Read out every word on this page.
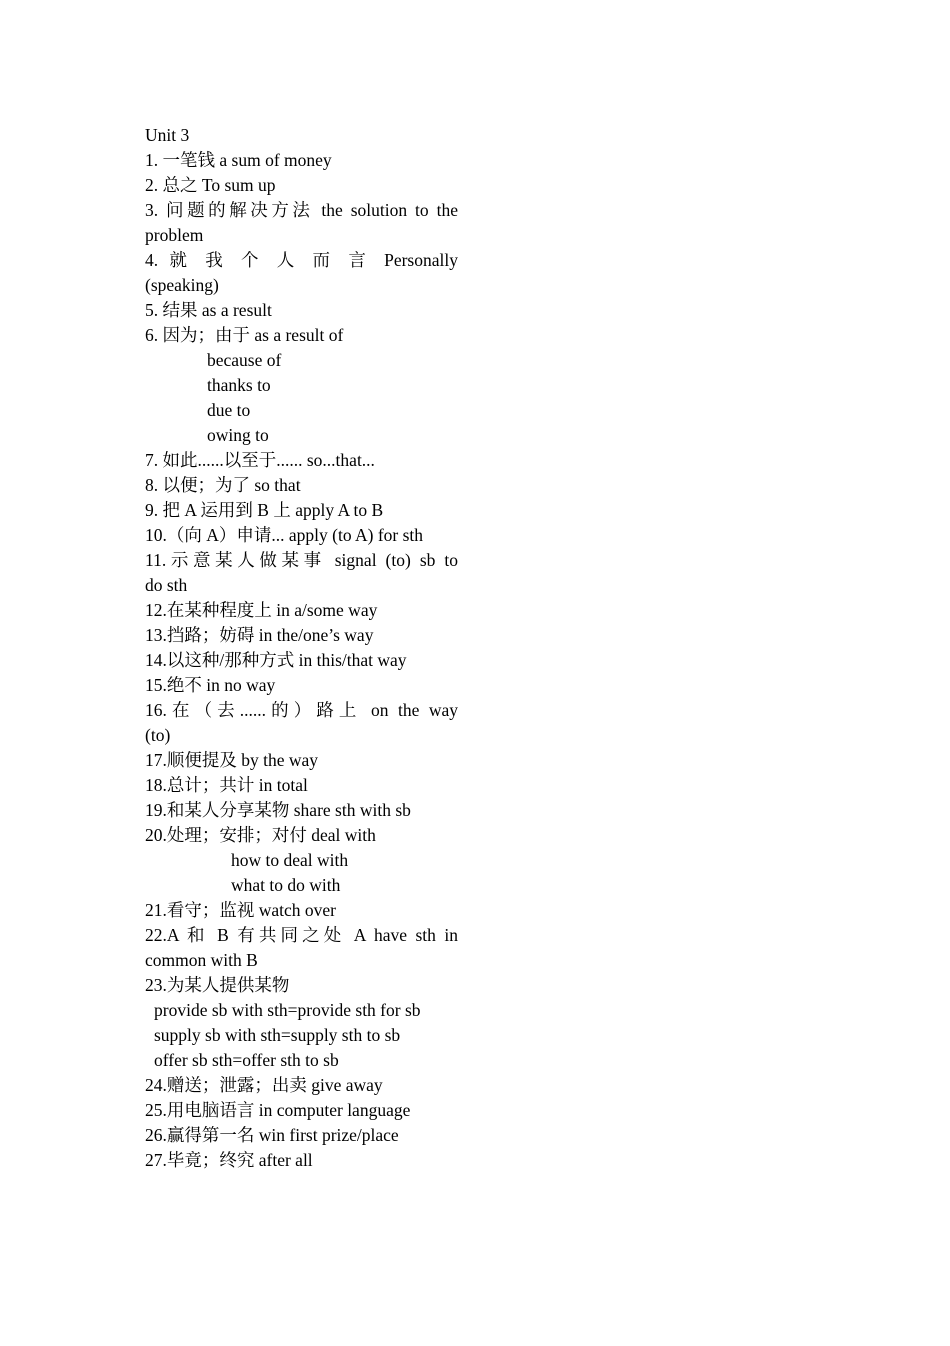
Unit 3
1. 一笔钱 a sum of money
2. 总之 To sum up
3. 问题的解决方法 the solution to the
problem
4. 就 我 个 人 而 言 Personally
(speaking)
5. 结果 as a result
6. 因为；由于 as a result of
because of
thanks to
due to
owing to
7. 如此......以至于...... so...that...
8. 以便；为了 so that
9. 把 A 运用到 B 上 apply A to B
10.（向 A）申请... apply (to A) for sth
11.示意某人做某事 signal (to) sb to
do sth
12.在某种程度上 in a/some way
13.挡路；妨碍 in the/one’s way
14.以这种/那种方式 in this/that way
15.绝不 in no way
16.在（去......的）路上 on the way
(to)
17.顺便提及 by the way
18.总计；共计 in total
19.和某人分享某物 share sth with sb
20.处理；安排；对付 deal with
how to deal with
what to do with
21.看守；监视 watch over
22.A 和 B 有共同之处 A have sth in
common with B
23.为某人提供某物
provide sb with sth=provide sth for sb
supply sb with sth=supply sth to sb
offer sb sth=offer sth to sb
24.赠送；泄露；出卖 give away
25.用电脑语言 in computer language
26.赢得第一名 win first prize/place
27.毕竟；终究 after all
